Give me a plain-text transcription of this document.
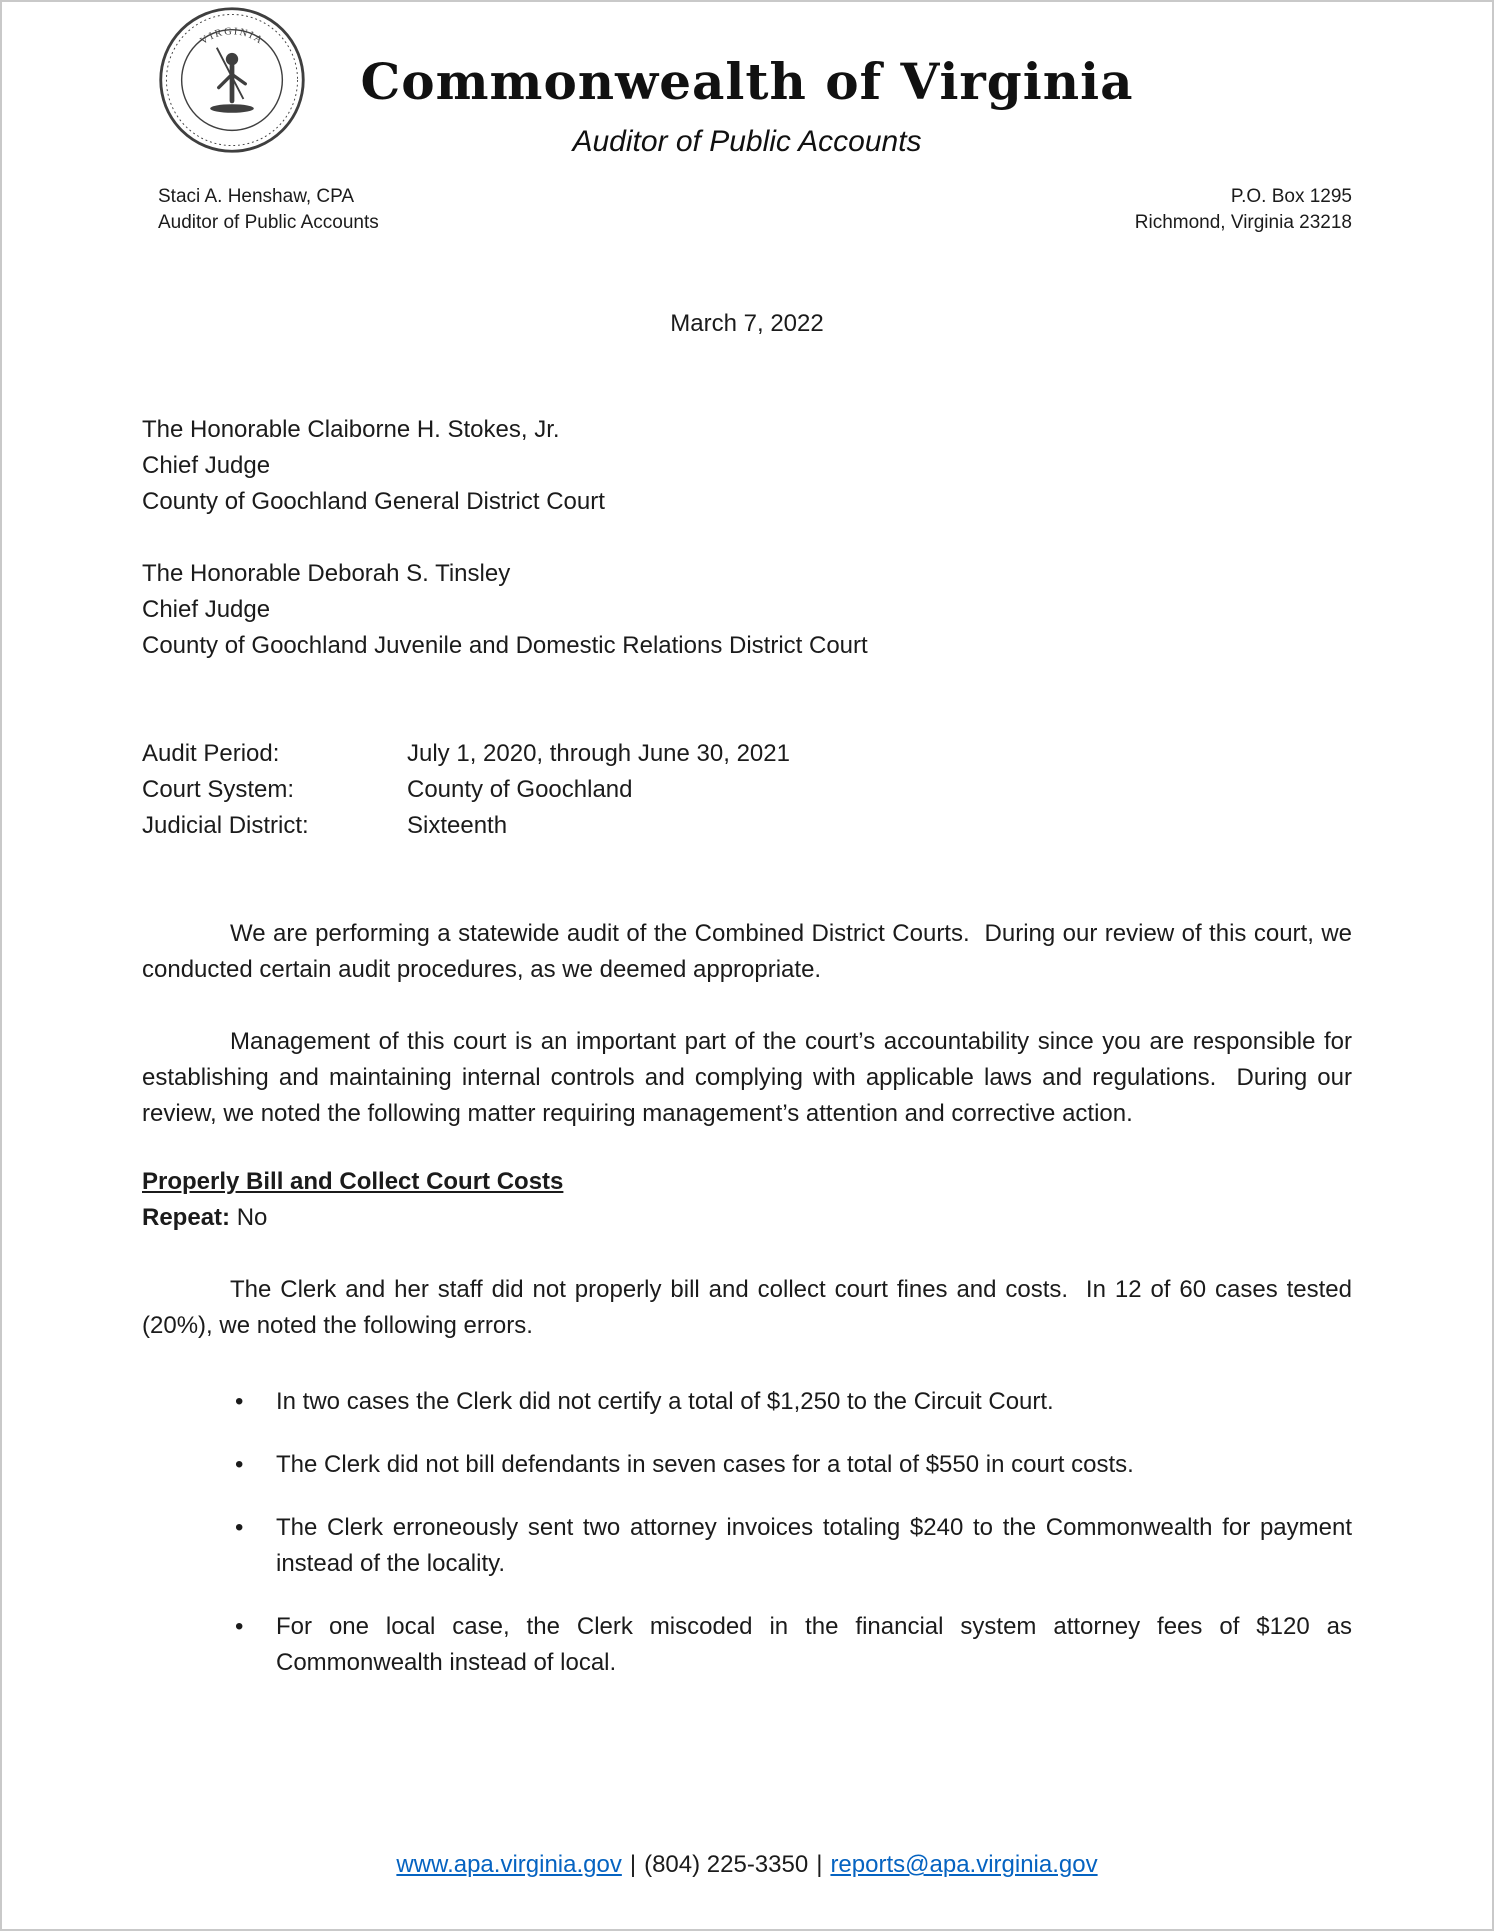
VIRGINIA
Commonwealth of Virginia
Auditor of Public Accounts
Staci A. Henshaw, CPA
Auditor of Public Accounts
P.O. Box 1295
Richmond, Virginia 23218
March 7, 2022
The Honorable Claiborne H. Stokes, Jr.
Chief Judge
County of Goochland General District Court
The Honorable Deborah S. Tinsley
Chief Judge
County of Goochland Juvenile and Domestic Relations District Court
Audit Period:	July 1, 2020, through June 30, 2021
Court System:	County of Goochland
Judicial District:	Sixteenth

We are performing a statewide audit of the Combined District Courts.  During our review of this court, we conducted certain audit procedures, as we deemed appropriate.

Management of this court is an important part of the court’s accountability since you are responsible for establishing and maintaining internal controls and complying with applicable laws and regulations.  During our review, we noted the following matter requiring management’s attention and corrective action.

Properly Bill and Collect Court Costs
Repeat: No

The Clerk and her staff did not properly bill and collect court fines and costs.  In 12 of 60 cases tested (20%), we noted the following errors.

• In two cases the Clerk did not certify a total of $1,250 to the Circuit Court.
• The Clerk did not bill defendants in seven cases for a total of $550 in court costs.
• The Clerk erroneously sent two attorney invoices totaling $240 to the Commonwealth for payment instead of the locality.
• For one local case, the Clerk miscoded in the financial system attorney fees of $120 as Commonwealth instead of local.
www.apa.virginia.gov | (804) 225-3350 | reports@apa.virginia.gov
